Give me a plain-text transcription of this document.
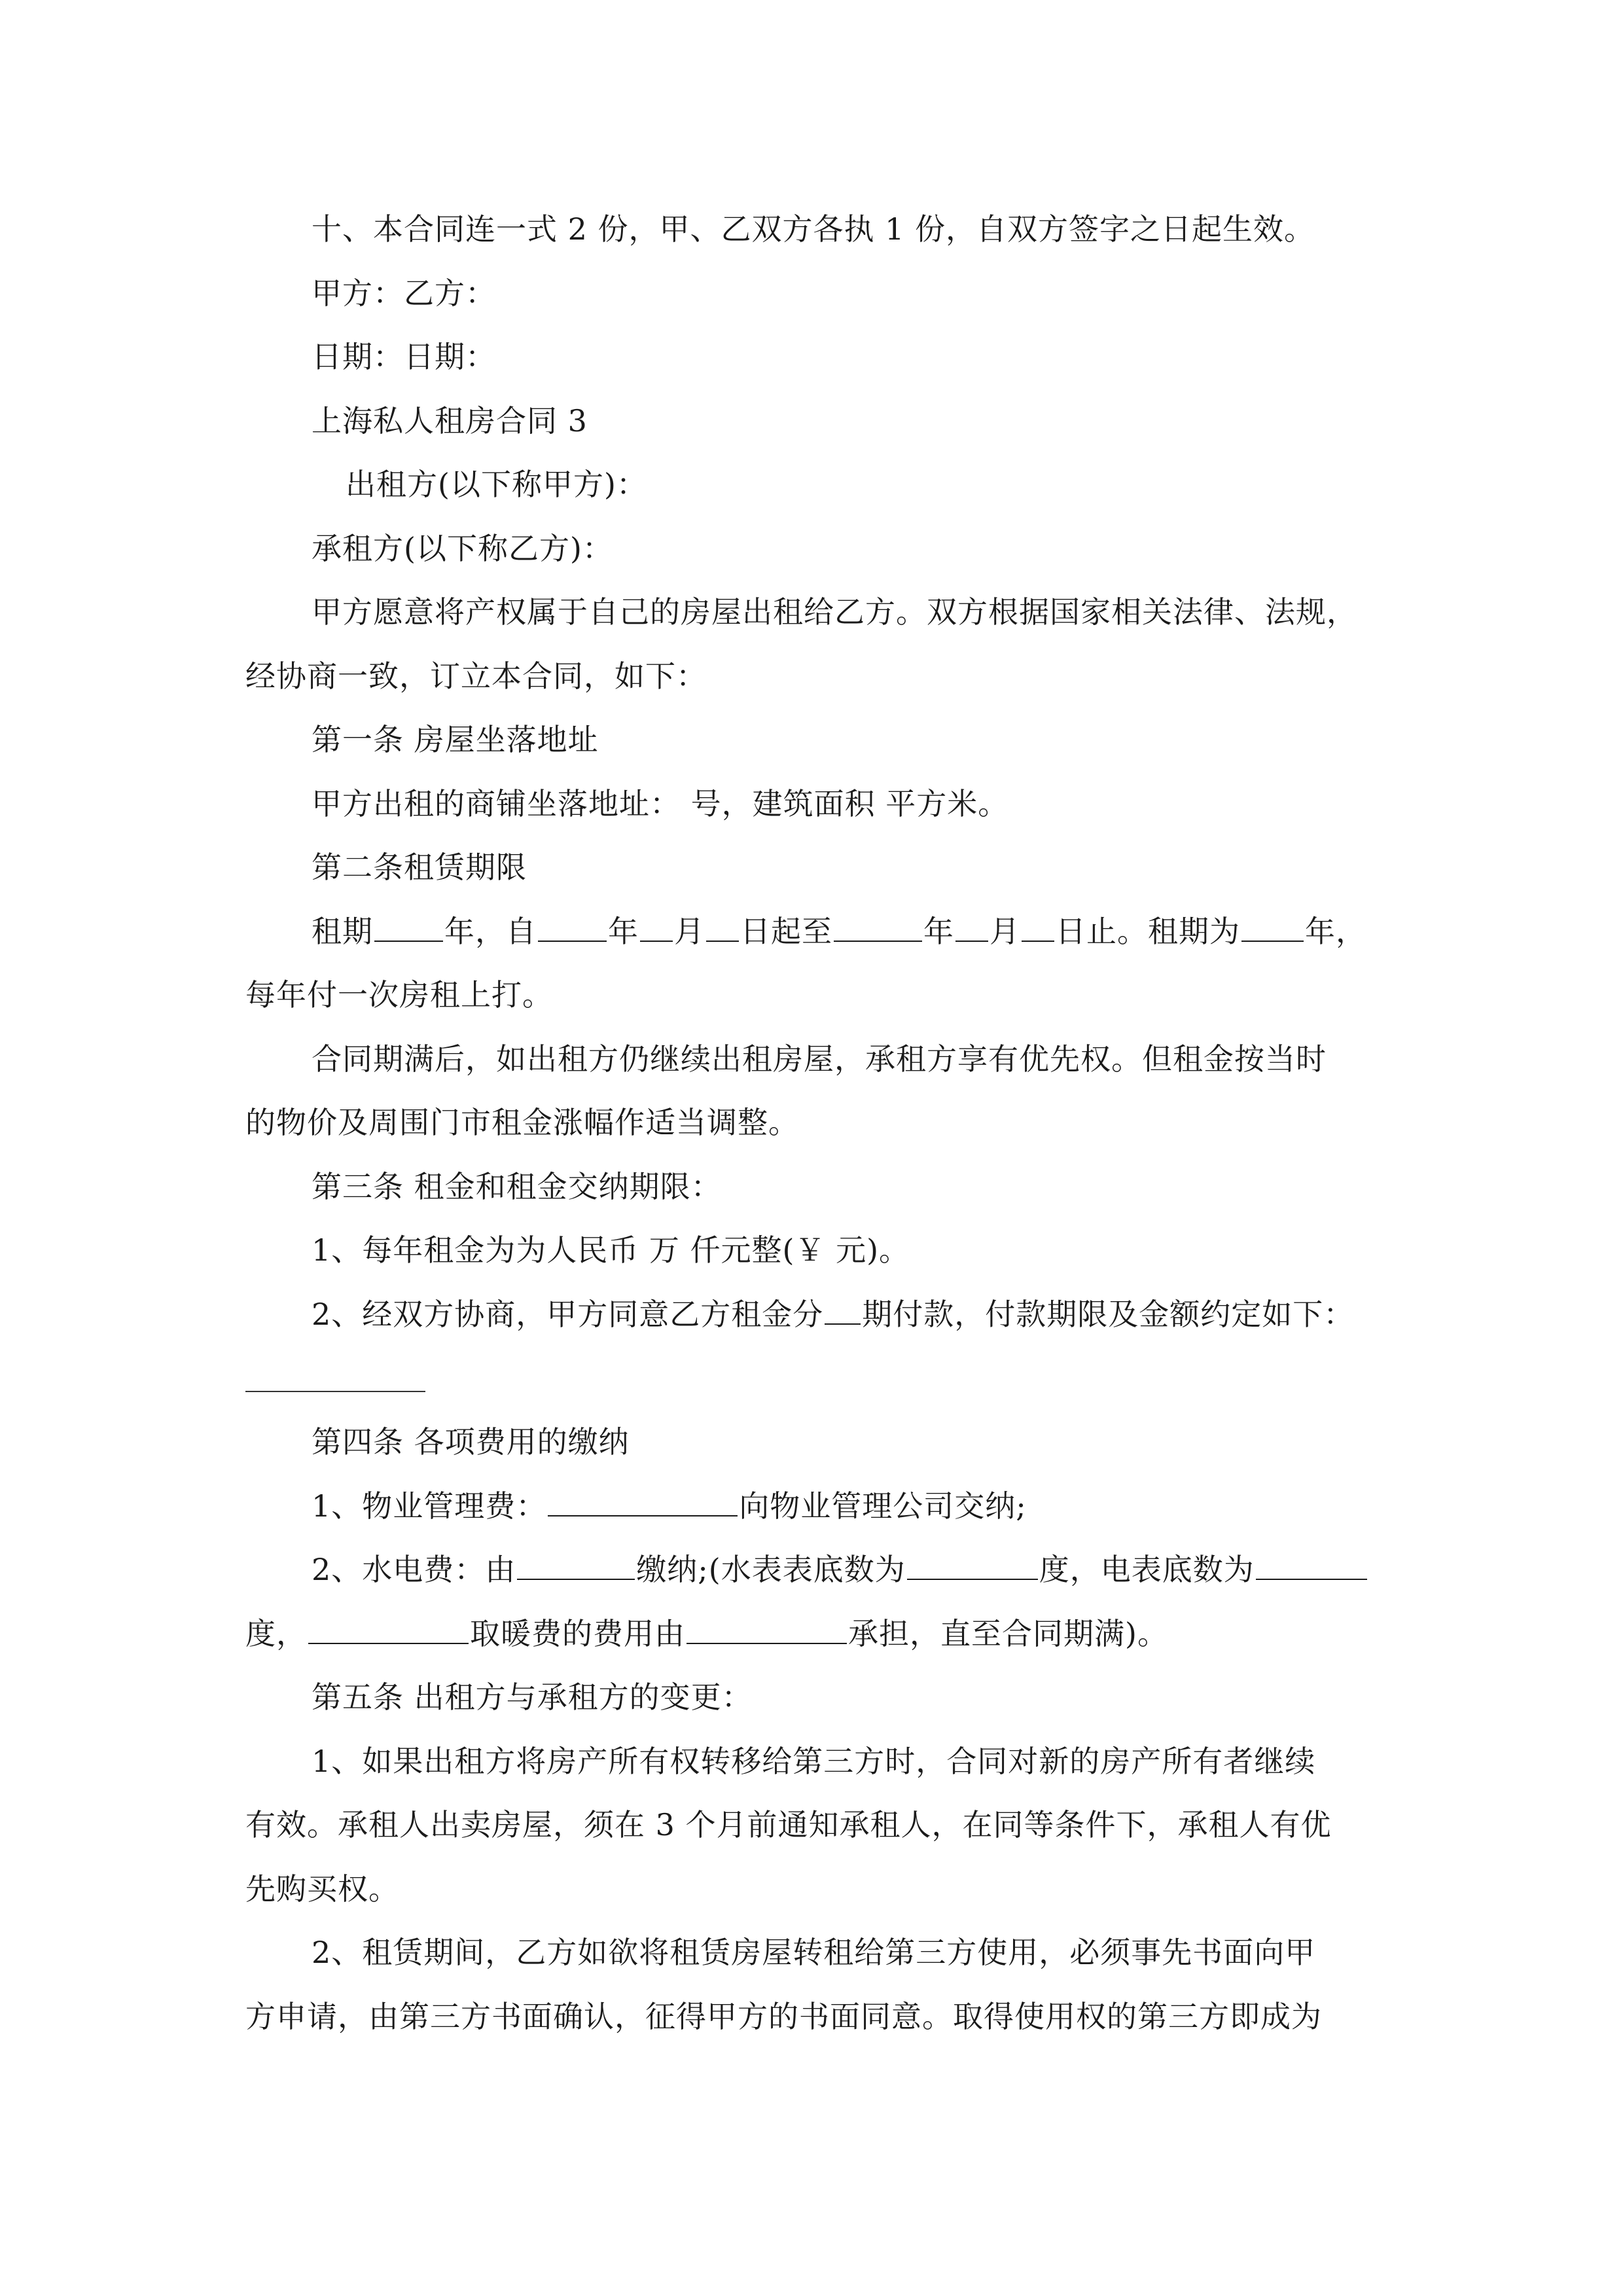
十、本合同连一式 2 份，甲、乙双方各执 1 份，自双方签字之日起生效。
甲方：乙方：
日期：日期：
上海私人租房合同 3
出租方(以下称甲方)：
承租方(以下称乙方)：
甲方愿意将产权属于自己的房屋出租给乙方。双方根据国家相关法律、法规，
经协商一致，订立本合同，如下：
第一条 房屋坐落地址
甲方出租的商铺坐落地址： 号，建筑面积 平方米。
第二条租赁期限
租期 年，自 年 月 日起至	年 月 日止。租期为 年，
每年付一次房租上打。
合同期满后，如出租方仍继续出租房屋，承租方享有优先权。但租金按当时
的物价及周围门市租金涨幅作适当调整。
第三条 租金和租金交纳期限：
1、每年租金为为人民币 万 仟元整(￥ 元)。
2、经双方协商，甲方同意乙方租金分 期付款，付款期限及金额约定如下：
第四条 各项费用的缴纳
1、物业管理费：	向物业管理公司交纳;
2、水电费：由	缴纳;(水表表底数为	度，电表底数为
度，	取暖费的费用由	承担，直至合同期满)。
第五条 出租方与承租方的变更：
1、如果出租方将房产所有权转移给第三方时，合同对新的房产所有者继续
有效。承租人出卖房屋，须在 3 个月前通知承租人，在同等条件下，承租人有优
先购买权。
2、租赁期间，乙方如欲将租赁房屋转租给第三方使用，必须事先书面向甲
方申请，由第三方书面确认，征得甲方的书面同意。取得使用权的第三方即成为
